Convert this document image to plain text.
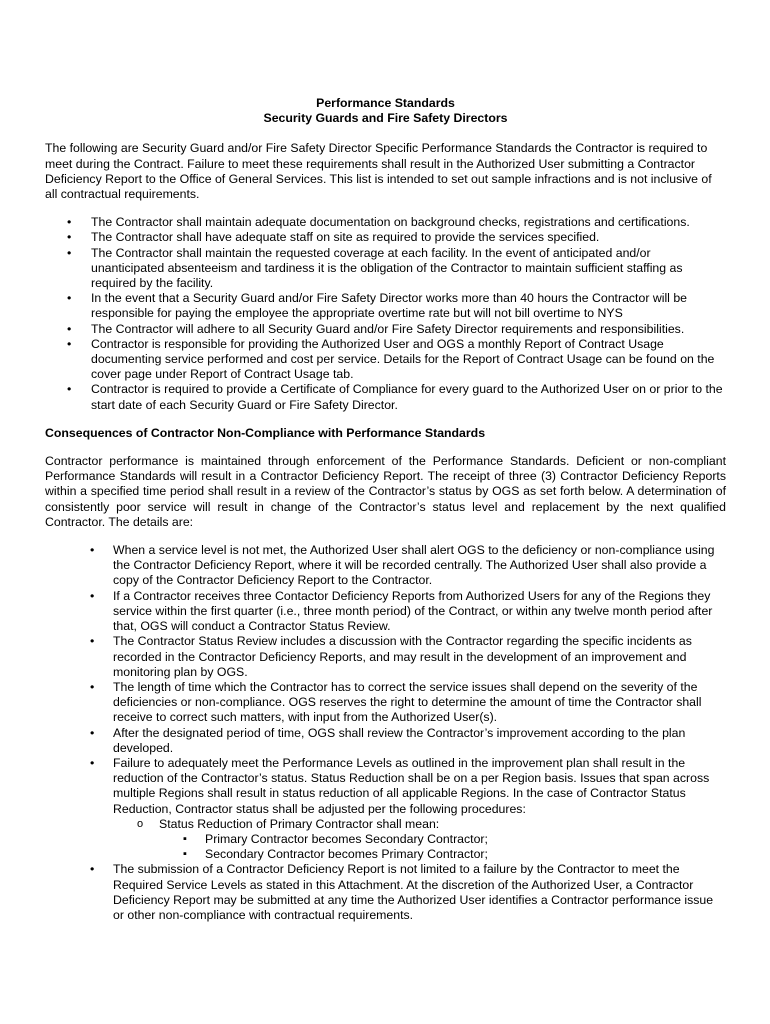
Performance Standards

Security Guards and Fire Safety Directors

The following are Security Guard and/or Fire Safety Director Specific Performance Standards the Contractor is required to meet during the Contract. Failure to meet these requirements shall result in the Authorized User submitting a Contractor Deficiency Report to the Office of General Services. This list is intended to set out sample infractions and is not inclusive of all contractual requirements.

• The Contractor shall maintain adequate documentation on background checks, registrations and certifications.
• The Contractor shall have adequate staff on site as required to provide the services specified.
• The Contractor shall maintain the requested coverage at each facility. In the event of anticipated and/or unanticipated absenteeism and tardiness it is the obligation of the Contractor to maintain sufficient staffing as required by the facility.
• In the event that a Security Guard and/or Fire Safety Director works more than 40 hours the Contractor will be responsible for paying the employee the appropriate overtime rate but will not bill overtime to NYS
• The Contractor will adhere to all Security Guard and/or Fire Safety Director requirements and responsibilities.
• Contractor is responsible for providing the Authorized User and OGS a monthly Report of Contract Usage documenting service performed and cost per service. Details for the Report of Contract Usage can be found on the cover page under Report of Contract Usage tab.
• Contractor is required to provide a Certificate of Compliance for every guard to the Authorized User on or prior to the start date of each Security Guard or Fire Safety Director.

Consequences of Contractor Non-Compliance with Performance Standards

Contractor performance is maintained through enforcement of the Performance Standards. Deficient or non-compliant Performance Standards will result in a Contractor Deficiency Report. The receipt of three (3) Contractor Deficiency Reports within a specified time period shall result in a review of the Contractor’s status by OGS as set forth below. A determination of consistently poor service will result in change of the Contractor’s status level and replacement by the next qualified Contractor. The details are:

• When a service level is not met, the Authorized User shall alert OGS to the deficiency or non-compliance using the Contractor Deficiency Report, where it will be recorded centrally. The Authorized User shall also provide a copy of the Contractor Deficiency Report to the Contractor.
• If a Contractor receives three Contactor Deficiency Reports from Authorized Users for any of the Regions they service within the first quarter (i.e., three month period) of the Contract, or within any twelve month period after that, OGS will conduct a Contractor Status Review.
• The Contractor Status Review includes a discussion with the Contractor regarding the specific incidents as recorded in the Contractor Deficiency Reports, and may result in the development of an improvement and monitoring plan by OGS.
• The length of time which the Contractor has to correct the service issues shall depend on the severity of the deficiencies or non-compliance. OGS reserves the right to determine the amount of time the Contractor shall receive to correct such matters, with input from the Authorized User(s).
• After the designated period of time, OGS shall review the Contractor’s improvement according to the plan developed.
• Failure to adequately meet the Performance Levels as outlined in the improvement plan shall result in the reduction of the Contractor’s status. Status Reduction shall be on a per Region basis. Issues that span across multiple Regions shall result in status reduction of all applicable Regions. In the case of Contractor Status Reduction, Contractor status shall be adjusted per the following procedures:
o Status Reduction of Primary Contractor shall mean:
▪ Primary Contractor becomes Secondary Contractor;
▪ Secondary Contractor becomes Primary Contractor;
• The submission of a Contractor Deficiency Report is not limited to a failure by the Contractor to meet the Required Service Levels as stated in this Attachment. At the discretion of the Authorized User, a Contractor Deficiency Report may be submitted at any time the Authorized User identifies a Contractor performance issue or other non-compliance with contractual requirements.
